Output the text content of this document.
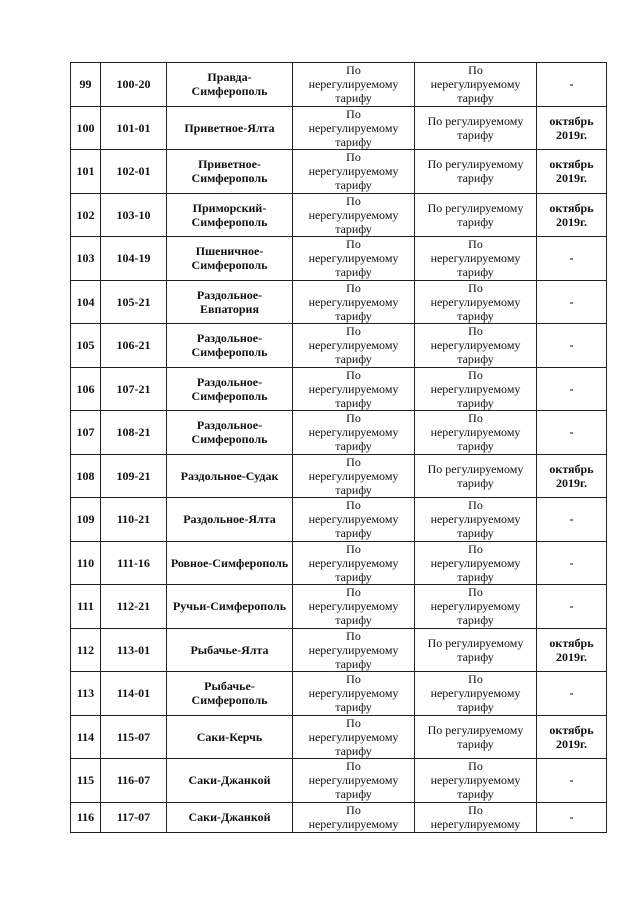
99	100-20	Правда-
Симферополь	По
нерегулируемому
тарифу	По
нерегулируемому
тарифу	-

100	101-01	Приветное-Ялта	По
нерегулируемому
тарифу	По регулируемому
тарифу	октябрь
2019г.

101	102-01	Приветное-
Симферополь	По
нерегулируемому
тарифу	По регулируемому
тарифу	октябрь
2019г.

102	103-10	Приморский-
Симферополь	По
нерегулируемому
тарифу	По регулируемому
тарифу	октябрь
2019г.

103	104-19	Пшеничное-
Симферополь	По
нерегулируемому
тарифу	По
нерегулируемому
тарифу	-

104	105-21	Раздольное-
Евпатория	По
нерегулируемому
тарифу	По
нерегулируемому
тарифу	-

105	106-21	Раздольное-
Симферополь	По
нерегулируемому
тарифу	По
нерегулируемому
тарифу	-

106	107-21	Раздольное-
Симферополь	По
нерегулируемому
тарифу	По
нерегулируемому
тарифу	-

107	108-21	Раздольное-
Симферополь	По
нерегулируемому
тарифу	По
нерегулируемому
тарифу	-

108	109-21	Раздольное-Судак	По
нерегулируемому
тарифу	По регулируемому
тарифу	октябрь
2019г.

109	110-21	Раздольное-Ялта	По
нерегулируемому
тарифу	По
нерегулируемому
тарифу	-

110	111-16	Ровное-Симферополь	По
нерегулируемому
тарифу	По
нерегулируемому
тарифу	-

111	112-21	Ручьи-Симферополь	По
нерегулируемому
тарифу	По
нерегулируемому
тарифу	-

112	113-01	Рыбачье-Ялта	По
нерегулируемому
тарифу	По регулируемому
тарифу	октябрь
2019г.

113	114-01	Рыбачье-
Симферополь	По
нерегулируемому
тарифу	По
нерегулируемому
тарифу	-

114	115-07	Саки-Керчь	По
нерегулируемому
тарифу	По регулируемому
тарифу	октябрь
2019г.

115	116-07	Саки-Джанкой	По
нерегулируемому
тарифу	По
нерегулируемому
тарифу	-

116	117-07	Саки-Джанкой	По
нерегулируемому	По
нерегулируемому	-
